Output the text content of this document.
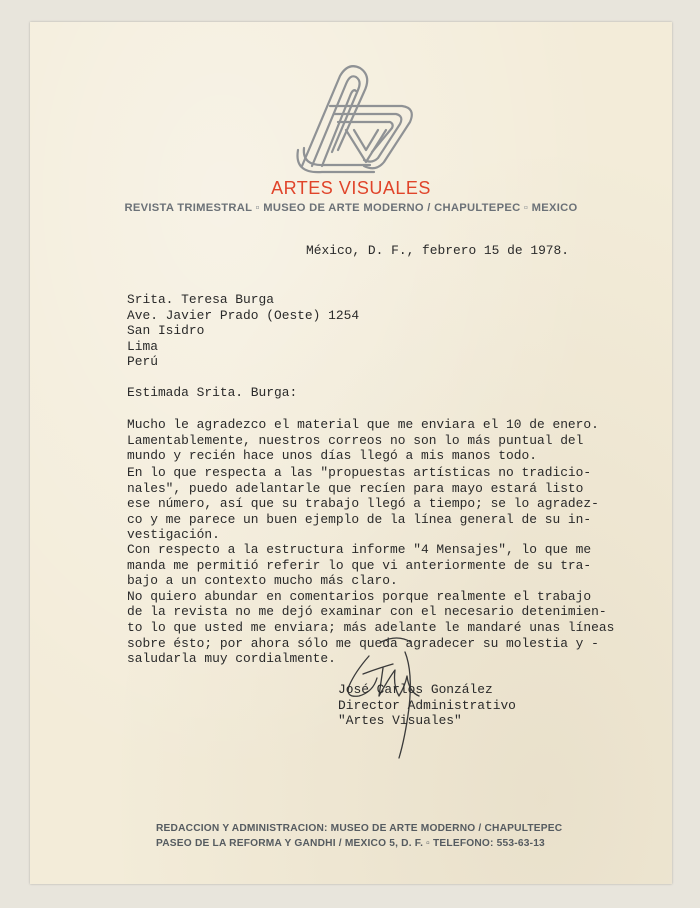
ARTES VISUALES
REVISTA TRIMESTRAL ▫ MUSEO DE ARTE MODERNO / CHAPULTEPEC ▫ MEXICO
México, D. F., febrero 15 de 1978.
Srita. Teresa Burga
Ave. Javier Prado (Oeste) 1254
San Isidro
Lima
Perú
Estimada Srita. Burga:
Mucho le agradezco el material que me enviara el 10 de enero.
Lamentablemente, nuestros correos no son lo más puntual del
mundo y recién hace unos días llegó a mis manos todo.
En lo que respecta a las "propuestas artísticas no tradicio-
nales", puedo adelantarle que recíen para mayo estará listo
ese número, así que su trabajo llegó a tiempo; se lo agradez-
co y me parece un buen ejemplo de la línea general de su in-
vestigación.
Con respecto a la estructura informe "4 Mensajes", lo que me
manda me permitió referir lo que vi anteriormente de su tra-
bajo a un contexto mucho más claro.
No quiero abundar en comentarios porque realmente el trabajo
de la revista no me dejó examinar con el necesario detenimien-
to lo que usted me enviara; más adelante le mandaré unas líneas
sobre ésto; por ahora sólo me queda agradecer su molestia y -
saludarla muy cordialmente.
José Carlos González
Director Administrativo
"Artes Visuales"
REDACCION Y ADMINISTRACION: MUSEO DE ARTE MODERNO / CHAPULTEPEC
PASEO DE LA REFORMA Y GANDHI / MEXICO 5, D. F. ▫ TELEFONO: 553-63-13
